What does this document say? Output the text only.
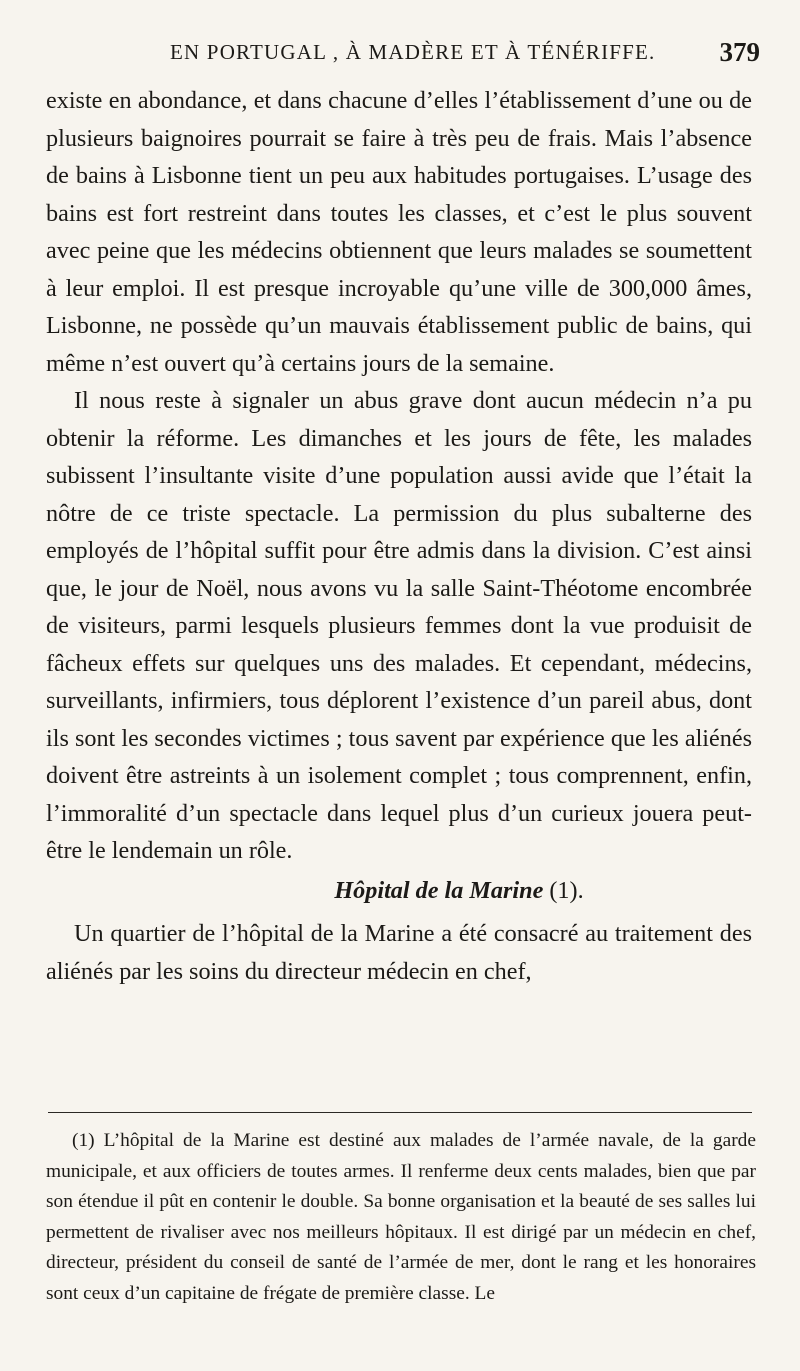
EN PORTUGAL , À MADÈRE ET À TÉNÉRIFFE.	379

existe en abondance, et dans chacune d’elles l’établissement d’une ou de plusieurs baignoires pourrait se faire à très peu de frais. Mais l’absence de bains à Lisbonne tient un peu aux habitudes portugaises. L’usage des bains est fort restreint dans toutes les classes, et c’est le plus souvent avec peine que les médecins obtiennent que leurs malades se soumettent à leur emploi. Il est presque incroyable qu’une ville de 300,000 âmes, Lisbonne, ne possède qu’un mauvais établissement public de bains, qui même n’est ouvert qu’à certains jours de la semaine.

Il nous reste à signaler un abus grave dont aucun médecin n’a pu obtenir la réforme. Les dimanches et les jours de fête, les malades subissent l’insultante visite d’une population aussi avide que l’était la nôtre de ce triste spectacle. La permission du plus subalterne des employés de l’hôpital suffit pour être admis dans la division. C’est ainsi que, le jour de Noël, nous avons vu la salle Saint-Théotome encombrée de visiteurs, parmi lesquels plusieurs femmes dont la vue produisit de fâcheux effets sur quelques uns des malades. Et cependant, médecins, surveillants, infirmiers, tous déplorent l’existence d’un pareil abus, dont ils sont les secondes victimes ; tous savent par expérience que les aliénés doivent être astreints à un isolement complet ; tous comprennent, enfin, l’immoralité d’un spectacle dans lequel plus d’un curieux jouera peut-être le lendemain un rôle.

Hôpital de la Marine (1).

Un quartier de l’hôpital de la Marine a été consacré au traitement des aliénés par les soins du directeur médecin en chef,

(1) L’hôpital de la Marine est destiné aux malades de l’armée navale, de la garde municipale, et aux officiers de toutes armes. Il renferme deux cents malades, bien que par son étendue il pût en contenir le double. Sa bonne organisation et la beauté de ses salles lui permettent de rivaliser avec nos meilleurs hôpitaux. Il est dirigé par un médecin en chef, directeur, président du conseil de santé de l’armée de mer, dont le rang et les honoraires sont ceux d’un capitaine de frégate de première classe. Le
